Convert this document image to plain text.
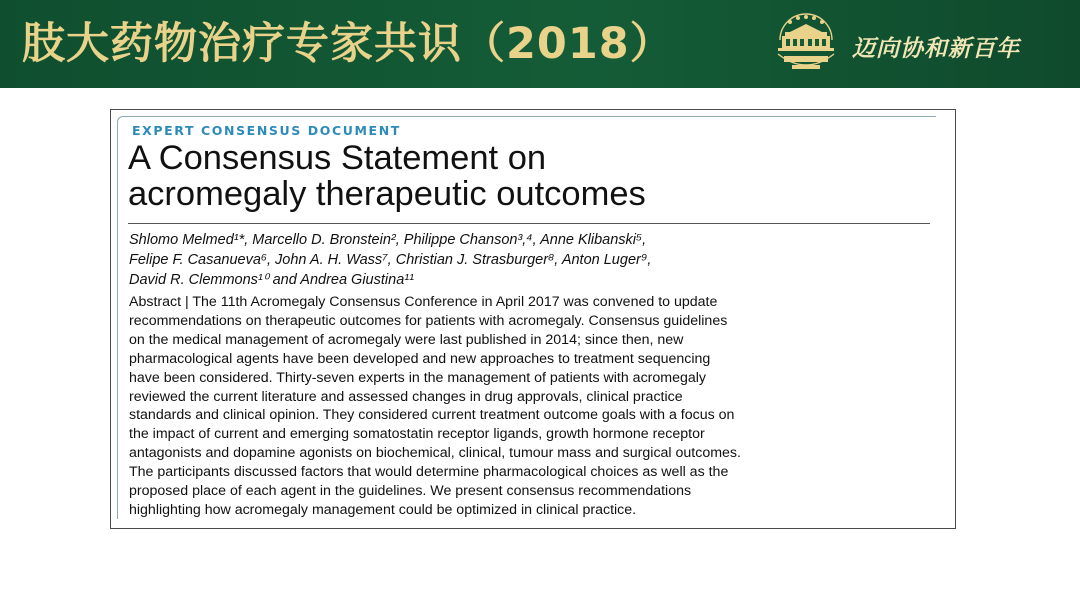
肢大药物治疗专家共识（2018）	迈向协和新百年
EXPERT CONSENSUS DOCUMENT
A Consensus Statement on
acromegaly therapeutic outcomes
Shlomo Melmed¹*, Marcello D. Bronstein², Philippe Chanson³,⁴, Anne Klibanski⁵,
Felipe F. Casanueva⁶, John A. H. Wass⁷, Christian J. Strasburger⁸, Anton Luger⁹,
David R. Clemmons¹⁰ and Andrea Giustina¹¹
Abstract | The 11th Acromegaly Consensus Conference in April 2017 was convened to update
recommendations on therapeutic outcomes for patients with acromegaly. Consensus guidelines
on the medical management of acromegaly were last published in 2014; since then, new
pharmacological agents have been developed and new approaches to treatment sequencing
have been considered. Thirty-seven experts in the management of patients with acromegaly
reviewed the current literature and assessed changes in drug approvals, clinical practice
standards and clinical opinion. They considered current treatment outcome goals with a focus on
the impact of current and emerging somatostatin receptor ligands, growth hormone receptor
antagonists and dopamine agonists on biochemical, clinical, tumour mass and surgical outcomes.
The participants discussed factors that would determine pharmacological choices as well as the
proposed place of each agent in the guidelines. We present consensus recommendations
highlighting how acromegaly management could be optimized in clinical practice.
